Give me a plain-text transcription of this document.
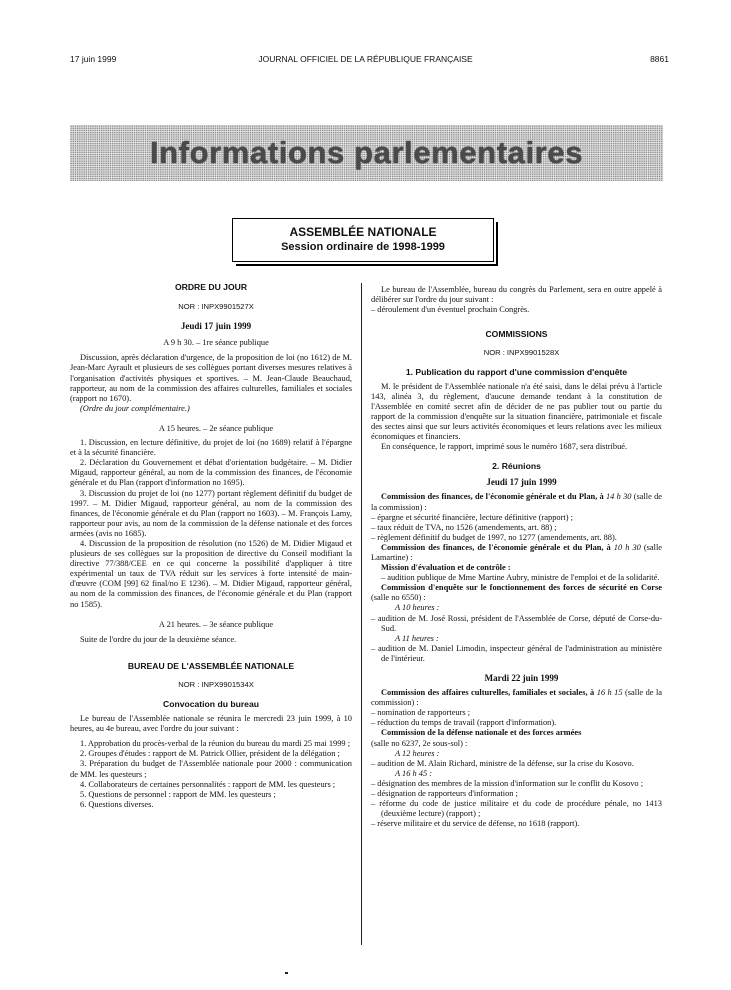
17 juin 1999	JOURNAL OFFICIEL DE LA RÉPUBLIQUE FRANÇAISE	8861
Informations parlementaires
ASSEMBLÉE NATIONALE
Session ordinaire de 1998-1999
ORDRE DU JOUR

NOR : INPX9901527X

Jeudi 17 juin 1999

A 9 h 30. – 1re séance publique

Discussion, après déclaration d'urgence, de la proposition de loi (no 1612) de M. Jean-Marc Ayrault et plusieurs de ses collègues portant diverses mesures relatives à l'organisation d'activités physiques et sportives. – M. Jean-Claude Beauchaud, rapporteur, au nom de la commission des affaires culturelles, familiales et sociales (rapport no 1670).

(Ordre du jour complémentaire.)

A 15 heures. – 2e séance publique

1. Discussion, en lecture définitive, du projet de loi (no 1689) relatif à l'épargne et à la sécurité financière.

2. Déclaration du Gouvernement et débat d'orientation budgétaire. – M. Didier Migaud, rapporteur général, au nom de la commission des finances, de l'économie générale et du Plan (rapport d'information no 1695).

3. Discussion du projet de loi (no 1277) portant règlement définitif du budget de 1997. – M. Didier Migaud, rapporteur général, au nom de la commission des finances, de l'économie générale et du Plan (rapport no 1603). – M. François Lamy, rapporteur pour avis, au nom de la commission de la défense nationale et des forces armées (avis no 1685).

4. Discussion de la proposition de résolution (no 1526) de M. Didier Migaud et plusieurs de ses collègues sur la proposition de directive du Conseil modifiant la directive 77/388/CEE en ce qui concerne la possibilité d'appliquer à titre expérimental un taux de TVA réduit sur les services à forte intensité de main-d'œuvre (COM [99] 62 final/no E 1236). – M. Didier Migaud, rapporteur général, au nom de la commission des finances, de l'économie générale et du Plan (rapport no 1585).

A 21 heures. – 3e séance publique

Suite de l'ordre du jour de la deuxième séance.

BUREAU DE L'ASSEMBLÉE NATIONALE

NOR : INPX9901534X

Convocation du bureau

Le bureau de l'Assemblée nationale se réunira le mercredi 23 juin 1999, à 10 heures, au 4e bureau, avec l'ordre du jour suivant :

1. Approbation du procès-verbal de la réunion du bureau du mardi 25 mai 1999 ;

2. Groupes d'études : rapport de M. Patrick Ollier, président de la délégation ;

3. Préparation du budget de l'Assemblée nationale pour 2000 : communication de MM. les questeurs ;

4. Collaborateurs de certaines personnalités : rapport de MM. les questeurs ;

5. Questions de personnel : rapport de MM. les questeurs ;

6. Questions diverses.

Le bureau de l'Assemblée, bureau du congrès du Parlement, sera en outre appelé à délibérer sur l'ordre du jour suivant :

– déroulement d'un éventuel prochain Congrès.

COMMISSIONS

NOR : INPX9901528X

1. Publication du rapport d'une commission d'enquête

M. le président de l'Assemblée nationale n'a été saisi, dans le délai prévu à l'article 143, alinéa 3, du règlement, d'aucune demande tendant à la constitution de l'Assemblée en comité secret afin de décider de ne pas publier tout ou partie du rapport de la commission d'enquête sur la situation financière, patrimoniale et fiscale des sectes ainsi que sur leurs activités économiques et leurs relations avec les milieux économiques et financiers.

En conséquence, le rapport, imprimé sous le numéro 1687, sera distribué.

2. Réunions

Jeudi 17 juin 1999

Commission des finances, de l'économie générale et du Plan, à 14 h 30 (salle de la commission) :

– épargne et sécurité financière, lecture définitive (rapport) ;

– taux réduit de TVA, no 1526 (amendements, art. 88) ;

– règlement définitif du budget de 1997, no 1277 (amendements, art. 88).

Commission des finances, de l'économie générale et du Plan, à 10 h 30 (salle Lamartine) :

Mission d'évaluation et de contrôle :

– audition publique de Mme Martine Aubry, ministre de l'emploi et de la solidarité.

Commission d'enquête sur le fonctionnement des forces de sécurité en Corse (salle no 6550) :

A 10 heures :

– audition de M. José Rossi, président de l'Assemblée de Corse, député de Corse-du-Sud.

A 11 heures :

– audition de M. Daniel Limodin, inspecteur général de l'administration au ministère de l'intérieur.

Mardi 22 juin 1999

Commission des affaires culturelles, familiales et sociales, à 16 h 15 (salle de la commission) :

– nomination de rapporteurs ;

– réduction du temps de travail (rapport d'information).

Commission de la défense nationale et des forces armées

(salle no 6237, 2e sous-sol) :

A 12 heures :

– audition de M. Alain Richard, ministre de la défense, sur la crise du Kosovo.

A 16 h 45 :

– désignation des membres de la mission d'information sur le conflit du Kosovo ;

– désignation de rapporteurs d'information ;

– réforme du code de justice militaire et du code de procédure pénale, no 1413 (deuxième lecture) (rapport) ;

– réserve militaire et du service de défense, no 1618 (rapport).
